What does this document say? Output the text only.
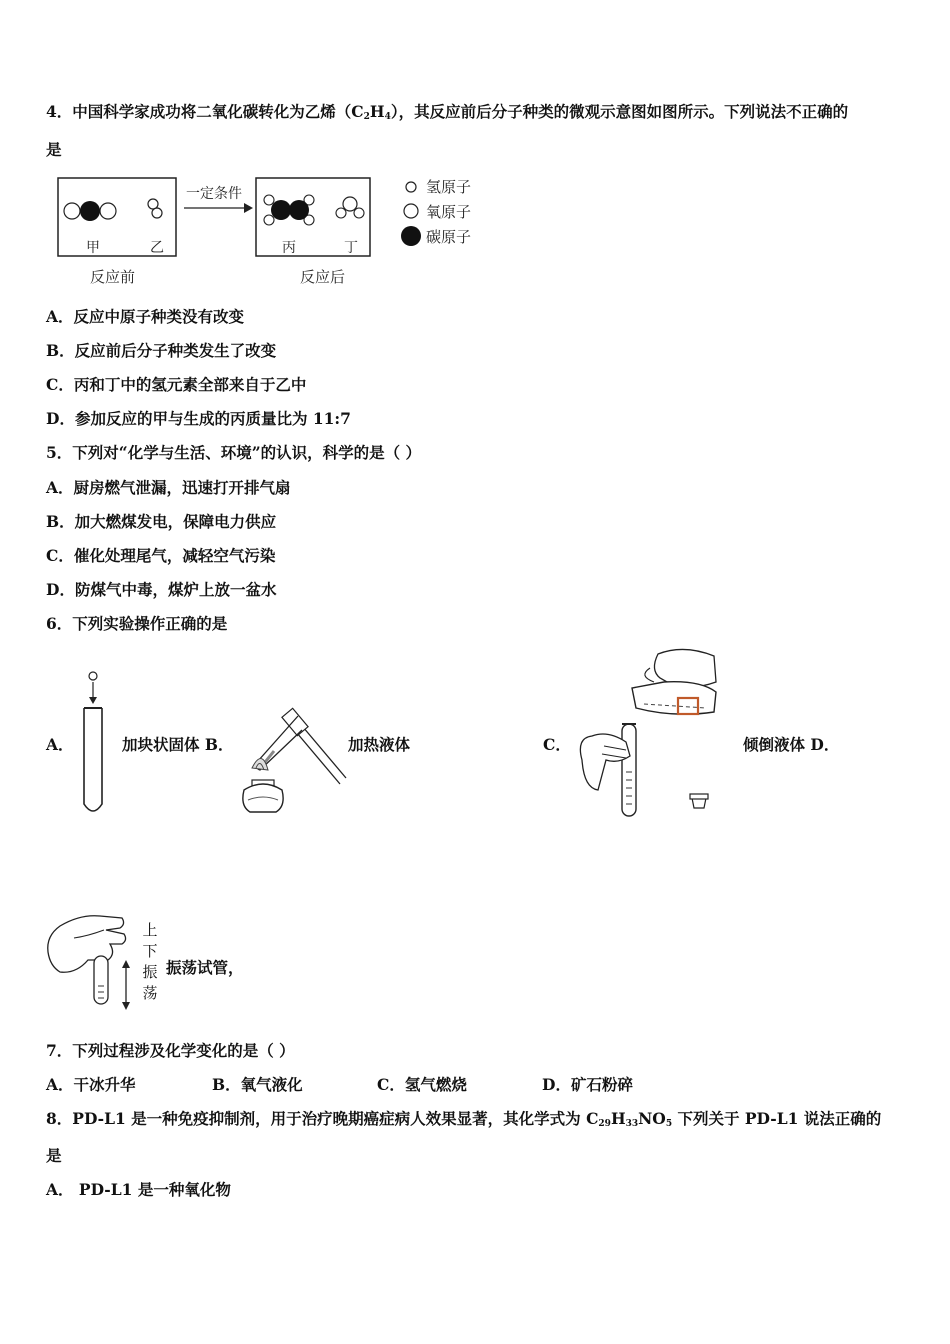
4．中国科学家成功将二氧化碳转化为乙烯$(C_2H_4)$，其反应前后分子种类的微观示意图如图所示。下列说法不正确的
是
甲	乙
一定条件
丙	丁
反应前	反应后
氢原子
氧原子
碳原子
A．反应中原子种类没有改变
B．反应前后分子种类发生了改变
C．丙和丁中的氢元素全部来自于乙中
D．参加反应的甲与生成的丙质量比为 11:7
5．下列对“化学与生活、环境”的认识，科学的是（ ）
A．厨房燃气泄漏，迅速打开排气扇
B．加大燃煤发电，保障电力供应
C．催化处理尾气，减轻空气污染
D．防煤气中毒，煤炉上放一盆水
6．下列实验操作正确的是
A．	加块状固体 B．	加热液体	C．	倾倒液体 D．
上
下
振
荡
振荡试管，
7．下列过程涉及化学变化的是（ ）
A．干冰升华	B．氧气液化	C．氢气燃烧	D．矿石粉碎
8．PD-L1 是一种免疫抑制剂，用于治疗晚期癌症病人效果显著，其化学式为 $C_{29}H_{33}NO_5$ 下列关于 PD-L1 说法正确的
是
A． PD-L1 是一种氧化物
